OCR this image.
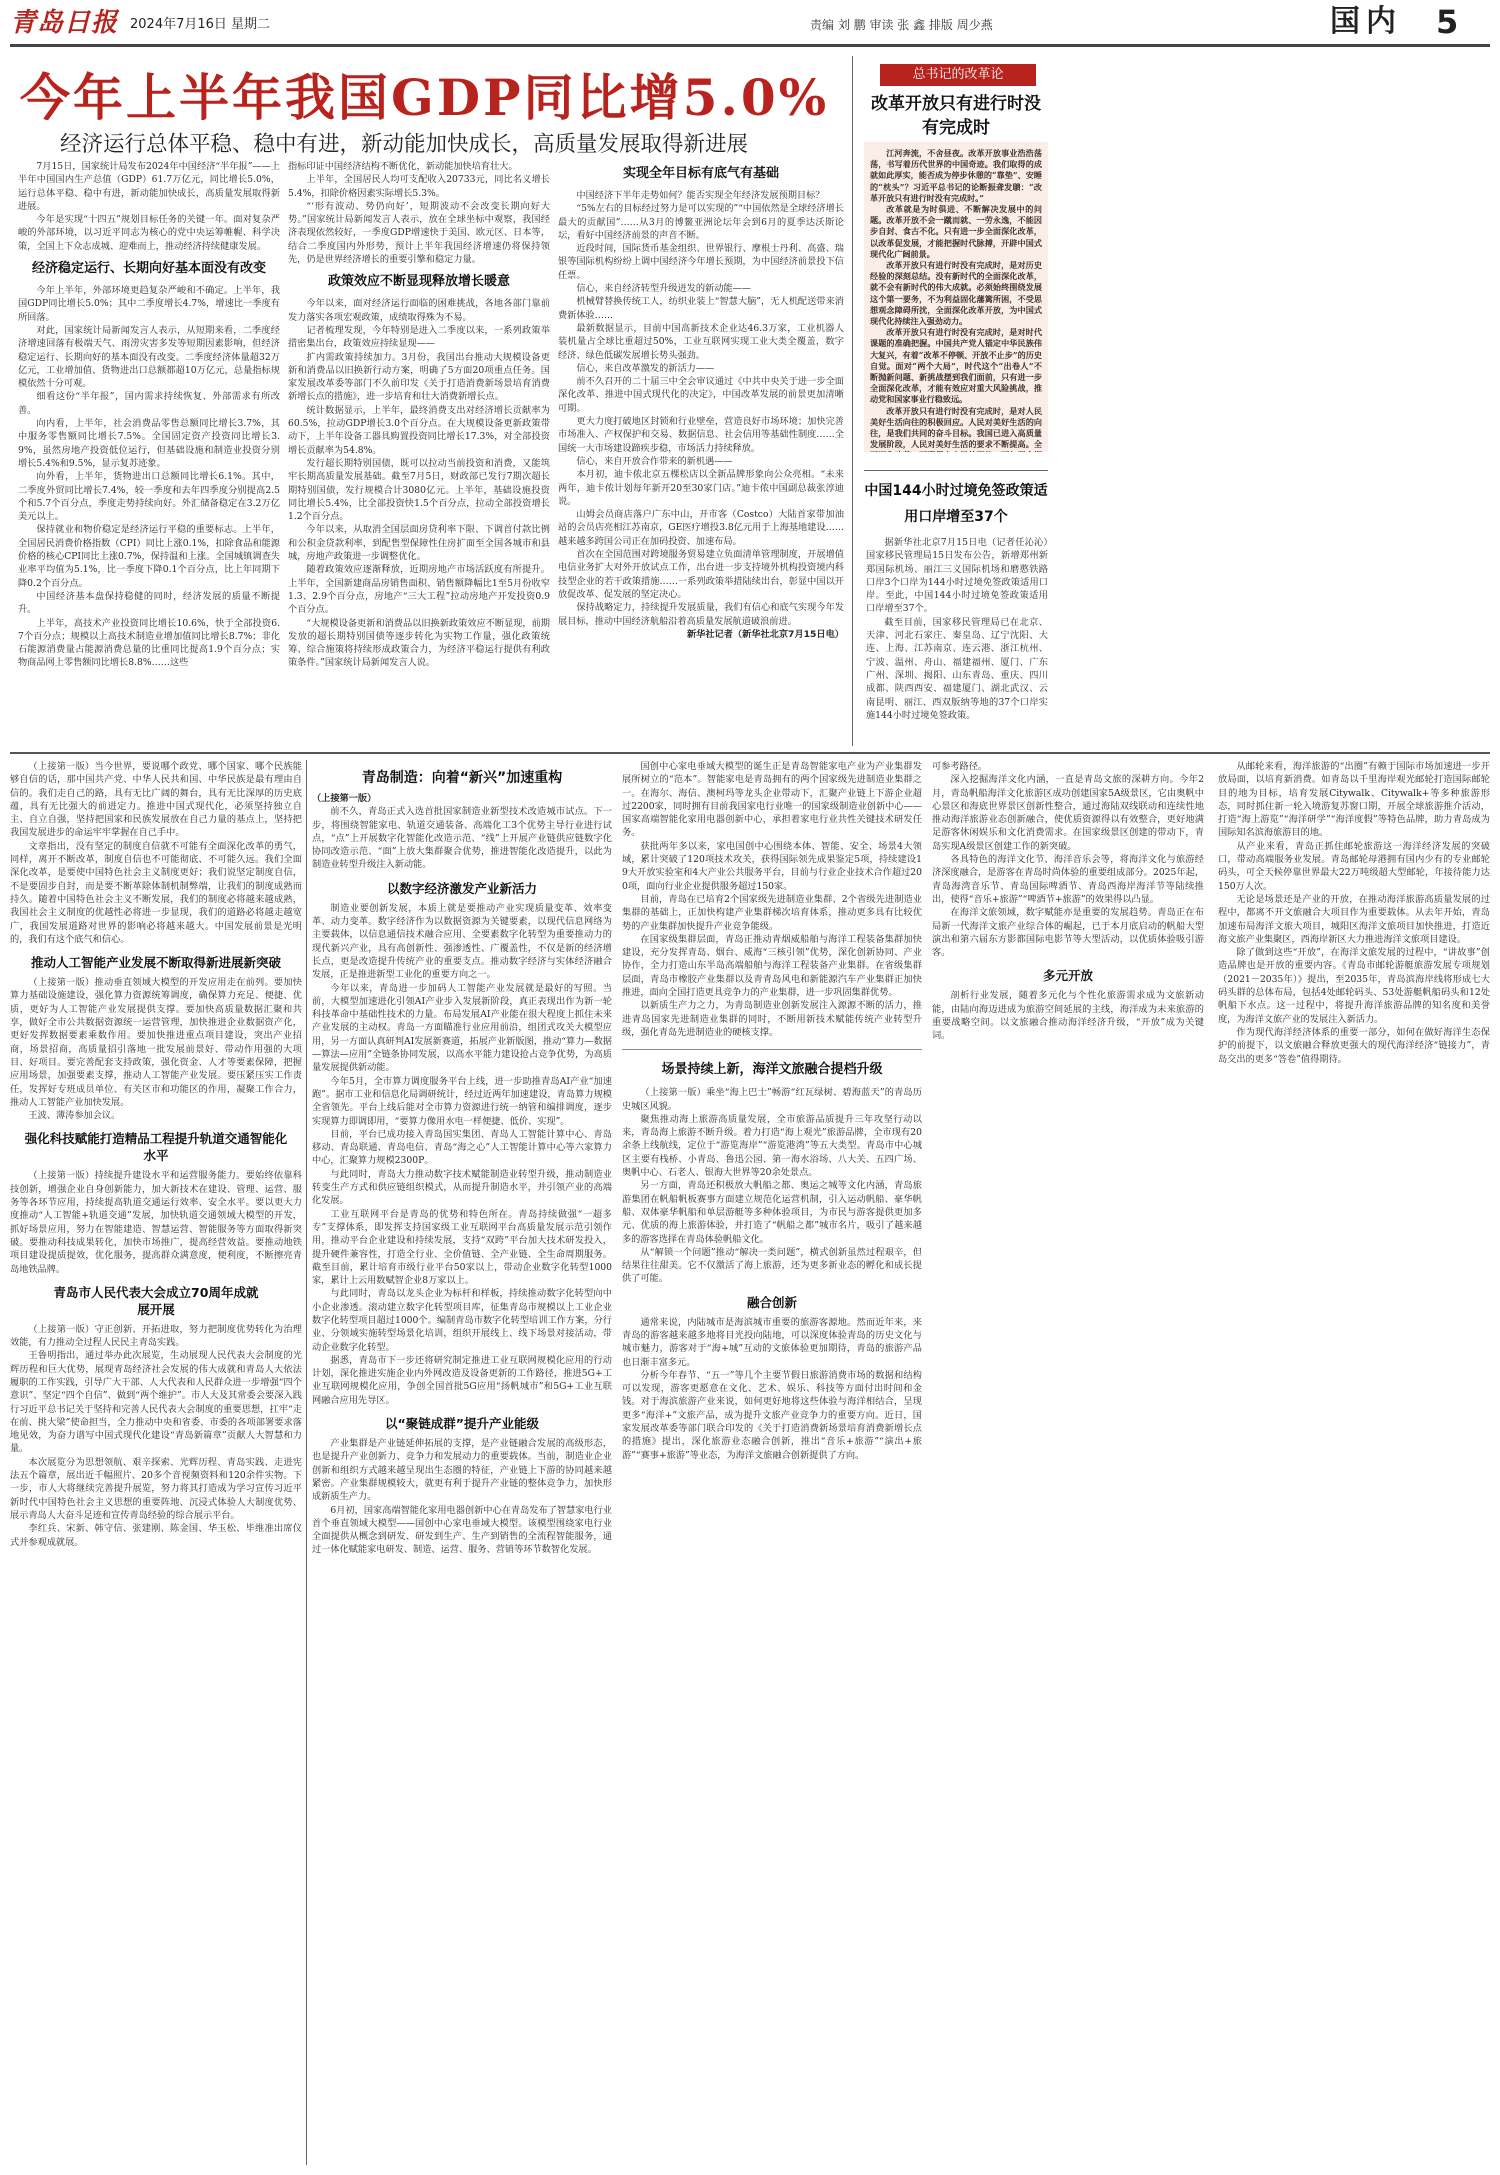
青岛日报 2024年7月16日 星期二	责编 刘 鹏 审读 张 鑫 排版 周少燕	国内	5
今年上半年我国GDP同比增5.0%
经济运行总体平稳、稳中有进，新动能加快成长，高质量发展取得新进展

7月15日，国家统计局发布2024年中国经济“半年报”——上半年中国国内生产总值（GDP）61.7万亿元，同比增长5.0%，运行总体平稳、稳中有进，新动能加快成长，高质量发展取得新进展。

今年是实现“十四五”规划目标任务的关键一年。面对复杂严峻的外部环境，以习近平同志为核心的党中央运筹帷幄、科学决策，全国上下众志成城、迎难而上，推动经济持续健康发展。

经济稳定运行、长期向好基本面没有改变

今年上半年，外部环境更趋复杂严峻和不确定。上半年，我国GDP同比增长5.0%；其中二季度增长4.7%，增速比一季度有所回落。

对此，国家统计局新闻发言人表示，从短期来看，二季度经济增速回落有极端天气、雨涝灾害多发等短期因素影响，但经济稳定运行、长期向好的基本面没有改变。二季度经济体量超32万亿元，工业增加值、货物进出口总额都超10万亿元，总量指标规模依然十分可观。

细看这份“半年报”，国内需求持续恢复、外部需求有所改善。

向内看，上半年，社会消费品零售总额同比增长3.7%，其中服务零售额同比增长7.5%。全国固定资产投资同比增长3.9%，虽然房地产投资低位运行，但基础设施和制造业投资分别增长5.4%和9.5%，显示复苏迹象。

向外看，上半年，货物进出口总额同比增长6.1%。其中，二季度外贸同比增长7.4%，较一季度和去年四季度分别提高2.5个和5.7个百分点，季度走势持续向好。外汇储备稳定在3.2万亿美元以上。

保持就业和物价稳定是经济运行平稳的重要标志。上半年，全国居民消费价格指数（CPI）同比上涨0.1%，扣除食品和能源价格的核心CPI同比上涨0.7%，保持温和上涨。全国城镇调查失业率平均值为5.1%，比一季度下降0.1个百分点，比上年同期下降0.2个百分点。

中国经济基本盘保持稳健的同时，经济发展的质量不断提升。

上半年，高技术产业投资同比增长10.6%，快于全部投资6.7个百分点；规模以上高技术制造业增加值同比增长8.7%；非化石能源消费量占能源消费总量的比重同比提高1.9个百分点；实物商品网上零售额同比增长8.8%……这些

指标印证中国经济结构不断优化，新动能加快培育壮大。

上半年，全国居民人均可支配收入20733元，同比名义增长5.4%，扣除价格因素实际增长5.3%。

“‘形有波动、势仍向好’，短期波动不会改变长期向好大势。”国家统计局新闻发言人表示，放在全球坐标中观察，我国经济表现依然较好，一季度GDP增速快于美国、欧元区、日本等，结合二季度国内外形势，预计上半年我国经济增速仍将保持领先，仍是世界经济增长的重要引擎和稳定力量。

政策效应不断显现释放增长暖意

今年以来，面对经济运行面临的困难挑战，各地各部门靠前发力落实各项宏观政策，成绩取得殊为不易。

记者梳理发现，今年特别是进入二季度以来，一系列政策举措密集出台，政策效应持续显现——

扩内需政策持续加力。3月份，我国出台推动大规模设备更新和消费品以旧换新行动方案，明确了5方面20项重点任务。国家发展改革委等部门不久前印发《关于打造消费新场景培育消费新增长点的措施》，进一步培育和壮大消费新增长点。

统计数据显示，上半年，最终消费支出对经济增长贡献率为60.5%，拉动GDP增长3.0个百分点。在大规模设备更新政策带动下，上半年设备工器具购置投资同比增长17.3%，对全部投资增长贡献率为54.8%。

发行超长期特别国债，既可以拉动当前投资和消费，又能筑牢长期高质量发展基础。截至7月5日，财政部已发行7期次超长期特别国债，发行规模合计3080亿元。上半年，基础设施投资同比增长5.4%，比全部投资快1.5个百分点，拉动全部投资增长1.2个百分点。

今年以来，从取消全国层面房贷利率下限、下调首付款比例和公积金贷款利率，到配售型保障性住房扩面至全国各城市和县城，房地产政策进一步调整优化。

随着政策效应逐渐释放，近期房地产市场活跃度有所提升。上半年，全国新建商品房销售面积、销售额降幅比1至5月份收窄1.3、2.9个百分点，房地产“三大工程”拉动房地产开发投资0.9个百分点。

“大规模设备更新和消费品以旧换新政策效应不断显现，前期发放的超长期特别国债等逐步转化为实物工作量，强化政策统筹、综合施策将持续形成政策合力，为经济平稳运行提供有利政策条件。”国家统计局新闻发言人说。

实现全年目标有底气有基础

中国经济下半年走势如何？能否实现全年经济发展预期目标？

“5%左右的目标经过努力是可以实现的”“中国依然是全球经济增长最大的贡献国”……从3月的博鳌亚洲论坛年会到6月的夏季达沃斯论坛，看好中国经济前景的声音不断。

近段时间，国际货币基金组织、世界银行、摩根士丹利、高盛、瑞银等国际机构纷纷上调中国经济今年增长预期，为中国经济前景投下信任票。

信心，来自经济转型升级迸发的新动能——

机械臂替换传统工人，纺织业装上“智慧大脑”，无人机配送带来消费新体验……

最新数据显示，目前中国高新技术企业达46.3万家，工业机器人装机量占全球比重超过50%，工业互联网实现工业大类全覆盖，数字经济、绿色低碳发展增长势头强劲。

信心，来自改革激发的新活力——

前不久召开的二十届三中全会审议通过《中共中央关于进一步全面深化改革、推进中国式现代化的决定》，中国改革发展的前景更加清晰可期。

更大力度打破地区封锁和行业壁垒，营造良好市场环境；加快完善市场准入、产权保护和交易、数据信息、社会信用等基础性制度……全国统一大市场建设蹄疾步稳，市场活力持续释放。

信心，来自开放合作带来的新机遇——

本月初，迪卡侬北京五棵松店以全新品牌形象向公众亮相。“未来两年，迪卡侬计划每年新开20至30家门店。”迪卡侬中国副总裁张淳迪说。

山姆会员商店落户广东中山，开市客（Costco）大陆首家带加油站的会员店亮相江苏南京，GE医疗增投3.8亿元用于上海基地建设……越来越多跨国公司正在加码投资、加速布局。

首次在全国范围对跨境服务贸易建立负面清单管理制度，开展增值电信业务扩大对外开放试点工作，出台进一步支持境外机构投资境内科技型企业的若干政策措施……一系列政策举措陆续出台，彰显中国以开放促改革、促发展的坚定决心。

保持战略定力，持续提升发展质量，我们有信心和底气实现今年发展目标，推动中国经济航船沿着高质量发展航道破浪前进。

新华社记者（新华社北京7月15日电）

总书记的改革论
改革开放只有进行时没有完成时

江河奔流，不舍昼夜。改革开放事业浩浩荡荡，书写着历代世界的中国奇迹。我们取得的成就如此厚实，能否成为停步休憩的“靠垫”、安睡的“枕头”？习近平总书记的论断振聋发聩：“改革开放只有进行时没有完成时。”

改革就是为时俱进、不断解决发展中的问题。改革开放不会一蹴而就、一劳永逸，不能因步自封、食古不化。只有进一步全面深化改革，以改革促发展，才能把握时代脉搏，开辟中国式现代化广阔前景。

改革开放只有进行时没有完成时，是对历史经验的深刻总结。没有新时代的全面深化改革，就不会有新时代的伟大成就。必须始终围绕发展这个第一要务，不为利益固化藩篱所困，不受思想观念障碍所扰，全面深化改革开放，为中国式现代化持续注入强劲动力。

改革开放只有进行时没有完成时，是对时代课题的准确把握。中国共产党人锚定中华民族伟大复兴，有着“改革不停顿、开放不止步”的历史自觉。面对“两个大局”，时代这个“出卷人”不断抛新问题、新挑战摆到我们面前，只有进一步全面深化改革，才能有效应对重大风险挑战，推动党和国家事业行稳致远。

改革开放只有进行时没有完成时，是对人民美好生活向往的积极回应。人民对美好生活的向往，是我们共同的奋斗目标。我国已进入高质量发展阶段，人民对美好生活的要求不断提高。全

中国144小时过境免签政策适用口岸增至37个

据新华社北京7月15日电（记者任沁沁）国家移民管理局15日发布公告，新增郑州新郑国际机场、丽江三义国际机场和磨憨铁路口岸3个口岸为144小时过境免签政策适用口岸。至此，中国144小时过境免签政策适用口岸增至37个。

截至目前，国家移民管理局已在北京、天津、河北石家庄、秦皇岛、辽宁沈阳、大连、上海、江苏南京、连云港、浙江杭州、宁波、温州、舟山、福建福州、厦门、广东广州、深圳、揭阳、山东青岛、重庆、四川成都、陕西西安、福建厦门、湖北武汉、云南昆明、丽江、西双版纳等地的37个口岸实施144小时过境免签政策。

（上接第一版）当今世界，要说哪个政党、哪个国家、哪个民族能够自信的话，那中国共产党、中华人民共和国、中华民族是最有理由自信的。我们走自己的路，具有无比广阔的舞台，具有无比深厚的历史底蕴，具有无比强大的前进定力。推进中国式现代化，必须坚持独立自主、自立自强，坚持把国家和民族发展放在自己力量的基点上，坚持把我国发展进步的命运牢牢掌握在自己手中。

文章指出，没有坚定的制度自信就不可能有全面深化改革的勇气，同样，离开不断改革，制度自信也不可能彻底、不可能久远。我们全面深化改革，是要使中国特色社会主义制度更好；我们说坚定制度自信，不是要固步自封，而是要不断革除体制机制弊端，让我们的制度成熟而持久。随着中国特色社会主义不断发展，我们的制度必将越来越成熟，我国社会主义制度的优越性必将进一步显现，我们的道路必将越走越宽广，我国发展道路对世界的影响必将越来越大。中国发展前景是光明的，我们有这个底气和信心。

推动人工智能产业发展不断取得新进展新突破

（上接第一版）推动垂直领域大模型的开发应用走在前列。要加快算力基础设施建设，强化算力资源统筹调度，确保算力充足、便捷、优质，更好为人工智能产业发展提供支撑。要加快高质量数据汇聚和共享，做好全市公共数据资源统一运营管理，加快推进企业数据资产化，更好发挥数据要素乘数作用。要加快推进重点项目建设，突出产业招商，场景招商，高质量招引落地一批发展前景好、带动作用强的大项目、好项目。要完善配套支持政策，强化资金、人才等要素保障，把握应用场景，加强要素支撑，推动人工智能产业发展。要压紧压实工作责任，发挥好专班成员单位、有关区市和功能区的作用，凝聚工作合力，推动人工智能产业加快发展。

王波、薄涛参加会议。

强化科技赋能打造精品工程提升轨道交通智能化水平

（上接第一版）持续提升建设水平和运营服务能力。要始终依靠科技创新，增强企业自身创新能力，加大新技术在建设、管理、运营、服务等各环节应用，持续提高轨道交通运行效率、安全水平。要以更大力度推动“人工智能+轨道交通”发展，加快轨道交通领域大模型的开发，抓好场景应用，努力在智能建造、智慧运营、智能服务等方面取得新突破。要推动科技成果转化，加快市场推广，提高经营效益。要推动地铁项目建设提质提效，优化服务，提高群众满意度，便利度，不断擦亮青岛地铁品牌。

青岛市人民代表大会成立70周年成就展开展

（上接第一版）守正创新、开拓进取，努力把制度优势转化为治理效能，有力推动全过程人民民主青岛实践。

王鲁明指出，通过举办此次展览，生动展现人民代表大会制度的光辉历程和巨大优势，展现青岛经济社会发展的伟大成就和青岛人大依法履职的工作实践，引导广大干部、人大代表和人民群众进一步增强“四个意识”、坚定“四个自信”、做到“两个维护”。市人大及其常委会要深入践行习近平总书记关于坚持和完善人民代表大会制度的重要思想，扛牢“走在前、挑大梁”使命担当，全力推动中央和省委、市委的各项部署要求落地见效，为奋力谱写中国式现代化建设“青岛新篇章”贡献人大智慧和力量。

本次展览分为思想领航、艰辛探索、光辉历程、青岛实践、走进宪法五个篇章，展出近千幅照片、20多个音视频资料和120余件实物。下一步，市人大将继续完善提升展览，努力将其打造成为学习宣传习近平新时代中国特色社会主义思想的重要阵地、沉浸式体验人大制度优势、展示青岛人大奋斗足迹和宣传青岛经验的综合展示平台。

李红兵、宋新、韩守信、张建刚、陈金国、华玉松、毕维准出席仪式并参观成就展。

青岛制造：向着“新兴”加速重构

（上接第一版）

前不久，青岛正式入选首批国家制造业新型技术改造城市试点。下一步，将围绕智能家电、轨道交通装备、高端化工3个优势主导行业进行试点，“点”上开展数字化智能化改造示范、“线”上开展产业链供应链数字化协同改造示范、“面”上放大集群聚合优势，推进智能化改造提升，以此为制造业转型升级注入新动能。

以数字经济激发产业新活力

制造业要创新发展，本质上就是要推动产业实现质量变革、效率变革、动力变革。数字经济作为以数据资源为关键要素，以现代信息网络为主要载体，以信息通信技术融合应用、全要素数字化转型为重要推动力的现代新兴产业，具有高创新性、强渗透性、广覆盖性，不仅是新的经济增长点，更是改造提升传统产业的重要支点。推动数字经济与实体经济融合发展，正是推进新型工业化的重要方向之一。

今年以来，青岛进一步加码人工智能产业发展就是最好的写照。当前，大模型加速进化引领AI产业步入发展新阶段，真正表现出作为新一轮科技革命中基础性技术的力量。布局发展AI产业能在很大程度上抓住未来产业发展的主动权。青岛一方面瞄准行业应用前沿，组团式攻关大模型应用，另一方面认真研判AI发展新赛道，拓展产业新版图，推动“算力—数据—算法—应用”全链条协同发展，以高水平能力建设抢占竞争优势，为高质量发展提供新动能。

今年5月，全市算力调度服务平台上线，进一步助推青岛AI产业“加速跑”。据市工业和信息化局调研统计，经过近两年加速建设，青岛算力规模全省领先。平台上线后能对全市算力资源进行统一纳管和编排调度，逐步实现算力即调即用，“要算力像用水电一样便捷、低价、实现”。

目前，平台已成功接入青岛国实集团、青岛人工智能计算中心、青岛移动、青岛联通、青岛电信、青岛“海之心”人工智能计算中心等六家算力中心，汇聚算力规模2300P。

与此同时，青岛大力推动数字技术赋能制造业转型升级，推动制造业转变生产方式和供应链组织模式，从而提升制造水平，并引领产业的高端化发展。

工业互联网平台是青岛的优势和特色所在。青岛持续做强“一超多专”支撑体系，即发挥支持国家级工业互联网平台高质量发展示范引领作用，推动平台企业建设和持续发展，支持“双跨”平台加大技术研发投入，提升硬件兼容性，打造全行业、全价值链、全产业链、全生命周期服务。截至目前，累计培育市级行业平台50家以上，带动企业数字化转型1000家，累计上云用数赋智企业8万家以上。

与此同时，青岛以龙头企业为标杆和样板，持续推动数字化转型向中小企业渗透。滚动建立数字化转型项目库，征集青岛市规模以上工业企业数字化转型项目超过1000个。编制青岛市数字化转型培训工作方案，分行业、分领域实施转型场景化培训，组织开展线上、线下场景对接活动，带动企业数字化转型。

据悉，青岛市下一步还将研究制定推进工业互联网规模化应用的行动计划，深化推进实施企业内外网改造及设备更新的工作路径，推进5G+工业互联网规模化应用，争创全国首批5G应用“扬帆城市”和5G+工业互联网融合应用先导区。

以“聚链成群”提升产业能级

产业集群是产业链延伸拓展的支撑，是产业链融合发展的高级形态，也是提升产业创新力、竞争力和发展动力的重要载体。当前，制造业企业创新和组织方式越来越呈现出生态圈的特征，产业链上下游的协同越来越紧密。产业集群规模较大，就更有利于提升产业链的整体竞争力，加快形成新质生产力。

6月初，国家高端智能化家用电器创新中心在青岛发布了智慧家电行业首个垂直领域大模型——国创中心家电垂域大模型。该模型围绕家电行业全面提供从概念到研发、研发到生产、生产到销售的全流程智能服务，通过一体化赋能家电研发、制造、运营、服务、营销等环节数智化发展。

国创中心家电垂域大模型的诞生正是青岛智能家电产业为产业集群发展所树立的“范本”。智能家电是青岛拥有的两个国家级先进制造业集群之一。在海尔、海信、澳柯玛等龙头企业带动下，汇聚产业链上下游企业超过2200家，同时拥有目前我国家电行业唯一的国家级制造业创新中心——国家高端智能化家用电器创新中心，承担着家电行业共性关键技术研发任务。

获批两年多以来，家电国创中心围绕本体、智能、安全、场景4大领域，累计突破了120项技术攻关，获得国际领先成果鉴定5项，持续建设19大开放实验室和4大产业公共服务平台，目前与行业企业技术合作超过200项，面向行业企业提供服务超过150家。

目前，青岛在已培育2个国家级先进制造业集群、2个省级先进制造业集群的基础上，正加快构建产业集群梯次培育体系，推动更多具有比较优势的产业集群加快提升产业竞争能级。

在国家级集群层面，青岛正推动青烟威船舶与海洋工程装备集群加快建设，充分发挥青岛、烟台、威海“三核引领”优势，深化创新协同、产业协作，全力打造山东半岛高端船舶与海洋工程装备产业集群。在省级集群层面，青岛市橡胶产业集群以及青青岛风电和新能源汽车产业集群正加快推进，面向全国打造更具竞争力的产业集群，进一步巩固集群优势。

以新质生产力之力，为青岛制造业创新发展注入源源不断的活力，推进青岛国家先进制造业集群的同时，不断用新技术赋能传统产业转型升级，强化青岛先进制造业的硬核支撑。

场景持续上新，海洋文旅融合提档升级

（上接第一版）乘坐“海上巴士”畅游“红瓦绿树、碧海蓝天”的青岛历史城区风貌。

聚焦推动海上旅游高质量发展，全市旅游品质提升三年攻坚行动以来，青岛海上旅游不断升级。着力打造“海上观光”旅游品牌，全市现有20余条上线航线，定位于“游览海岸”“游览港湾”等五大类型。青岛市中心城区主要有栈桥、小青岛、鲁迅公园、第一海水浴场、八大关、五四广场、奥帆中心、石老人、银海大世界等20余处景点。

另一方面，青岛还积极放大帆船之都、奥运之城等文化内涵，青岛旅游集团在帆船帆板赛事方面建立规范化运营机制，引入运动帆船、豪华帆船、双体豪华帆船和单层游艇等多种体验项目，为市民与游客提供更加多元、优质的海上旅游体验，并打造了“帆船之都”城市名片，吸引了越来越多的游客选择在青岛体验帆船文化。

从“解锁一个问题”推动“解决一类问题”，横式创新虽然过程艰辛，但结果往往甜美。它不仅激活了海上旅游，还为更多新业态的孵化和成长提供了可能。

融合创新

通常来说，内陆城市是海滨城市重要的旅游客源地。然而近年来，来青岛的游客越来越多地将目光投向陆地，可以深度体验青岛的历史文化与城市魅力，游客对于“海+城”互动的文旅体验更加期待，青岛的旅游产品也日渐丰富多元。

分析今年春节、“五一”等几个主要节假日旅游消费市场的数据和结构可以发现，游客更愿意在文化、艺术、娱乐、科技等方面付出时间和金钱。对于海滨旅游产业来说，如何更好地将这些体验与海洋相结合，呈现更多“海洋+”文旅产品，成为提升文旅产业竞争力的重要方向。近日，国家发展改革委等部门联合印发的《关于打造消费新场景培育消费新增长点的措施》提出，深化旅游业态融合创新，推出“音乐+旅游”“演出+旅游”“赛事+旅游”等业态，为海洋文旅融合创新提供了方向。

可参考路径。

深入挖掘海洋文化内涵，一直是青岛文旅的深耕方向。今年2月，青岛帆船海洋文化旅游区成功创建国家5A级景区，它由奥帆中心景区和海底世界景区创新性整合，通过海陆双线联动和连续性地推动海洋旅游业态创新融合，使优质资源得以有效整合，更好地满足游客休闲娱乐和文化消费需求。在国家级景区创建的带动下，青岛实现A级景区创建工作的新突破。

各具特色的海洋文化节、海洋音乐会等，将海洋文化与旅游经济深度融合，是游客在青岛时尚体验的重要组成部分。2025年起，青岛海湾音乐节、青岛国际啤酒节、青岛西海岸海洋节等陆续推出，使得“音乐+旅游”“啤酒节+旅游”的效果得以凸显。

在海洋文旅领域，数字赋能亦是重要的发展趋势。青岛正在布局新一代海洋文旅产业综合体的崛起，已于本月底启动的帆船大型演出和第六届东方影都国际电影节等大型活动，以优质体验吸引游客。

多元开放

剖析行业发展，随着多元化与个性化旅游需求成为文旅新动能，由陆向海迈进成为旅游空间延展的主线，海洋成为未来旅游的重要战略空间。以文旅融合推动海洋经济升级，“开放”成为关键词。

从邮轮来看，海洋旅游的“出圈”有赖于国际市场加速进一步开放局面，以培育新消费。如青岛以千里海岸观光邮轮打造国际邮轮目的地为目标，培育发展Citywalk、Citywalk+等多种旅游形态，同时抓住新一轮入境游复苏窗口期，开展全球旅游推介活动，打造“海上游览”“海洋研学”“海洋度假”等特色品牌，助力青岛成为国际知名滨海旅游目的地。

从产业来看，青岛正抓住邮轮旅游这一海洋经济发展的突破口，带动高端服务业发展。青岛邮轮母港拥有国内少有的专业邮轮码头，可全天候停靠世界最大22万吨级超大型邮轮，年接待能力达150万人次。

无论是场景还是产业的开放，在推动海洋旅游高质量发展的过程中，都离不开文旅融合大项目作为重要载体。从去年开始，青岛加速布局海洋文旅大项目，城阳区海洋文旅项目加快推进，打造近海文旅产业集聚区，西海岸新区大力推进海洋文旅项目建设。

除了做到这些“开放”，在海洋文旅发展的过程中，“讲故事”创造品牌也是开放的重要内容。《青岛市邮轮游艇旅游发展专项规划（2021－2035年）》提出，至2035年，青岛滨海岸线将形成七大码头群的总体布局，包括4处邮轮码头、53处游艇帆船码头和12处帆船下水点。这一过程中，将提升海洋旅游品牌的知名度和美誉度，为海洋文旅产业的发展注入新活力。

作为现代海洋经济体系的重要一部分，如何在做好海洋生态保护的前提下，以文旅融合释放更强大的现代海洋经济“链接力”，青岛交出的更多“答卷”值得期待。
